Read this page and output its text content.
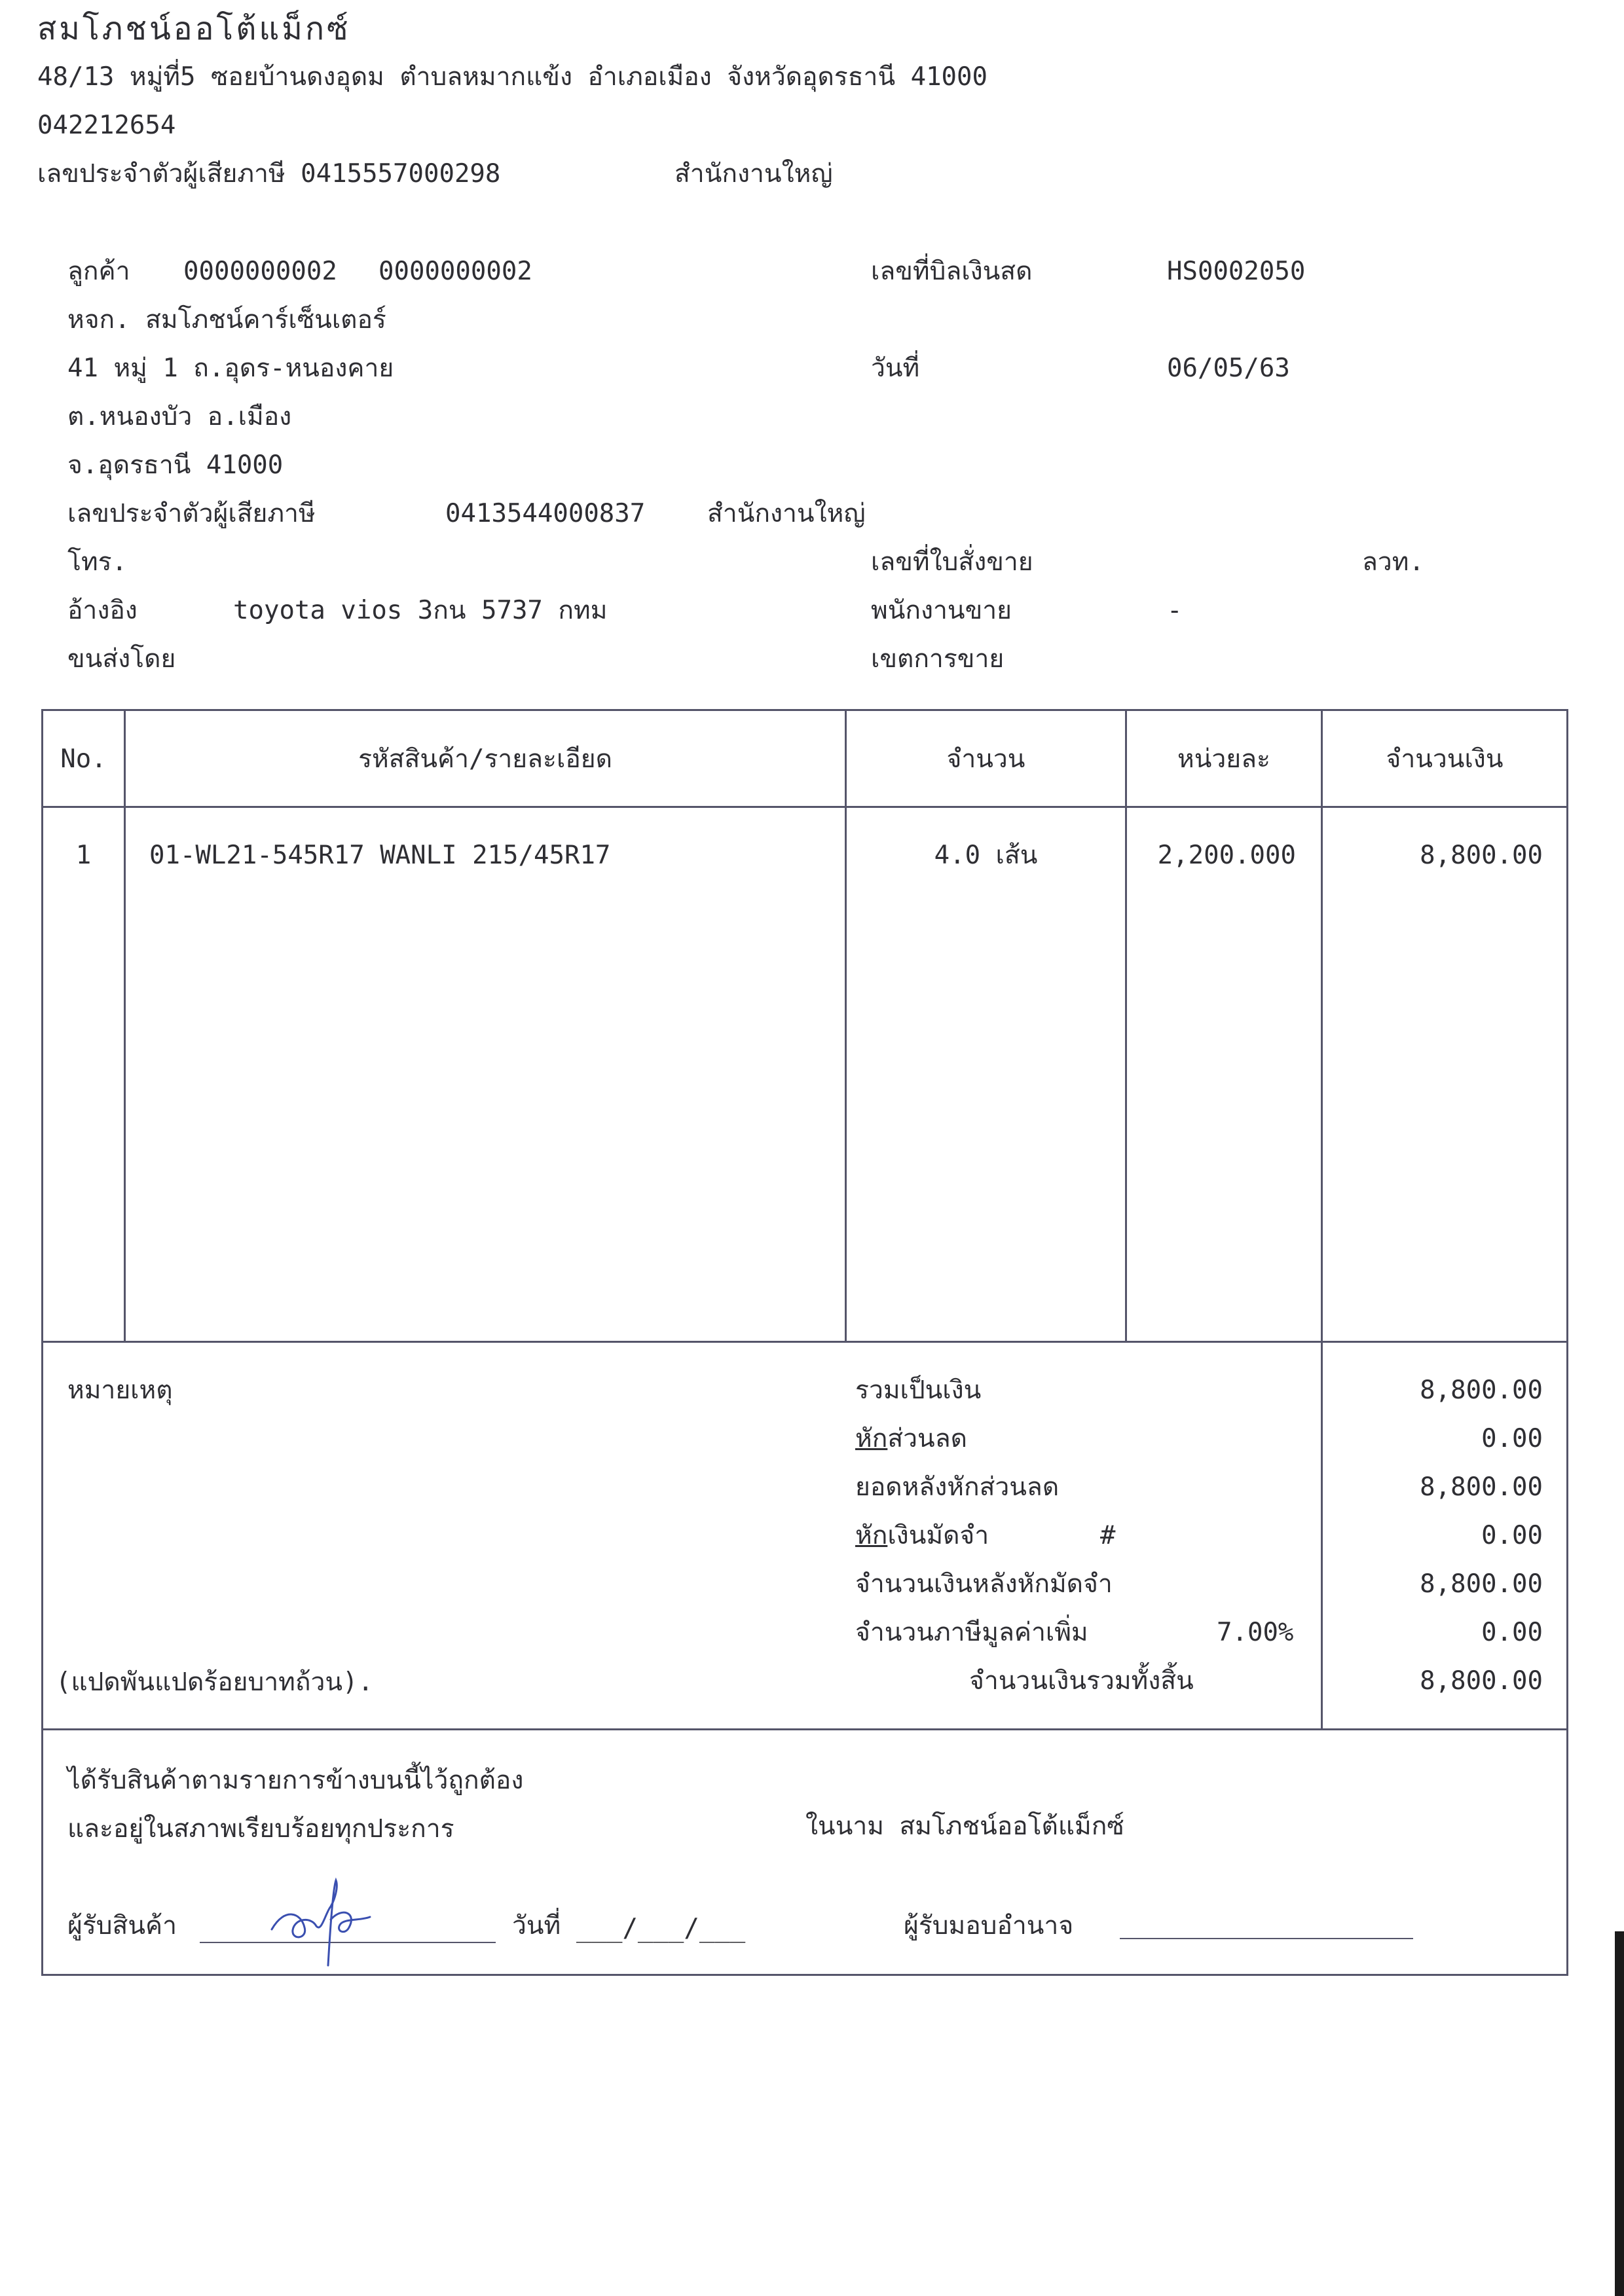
สมโภชน์ออโต้แม็กซ์
48/13 หมู่ที่5 ซอยบ้านดงอุดม ตำบลหมากแข้ง อำเภอเมือง จังหวัดอุดรธานี 41000
042212654
เลขประจำตัวผู้เสียภาษี 0415557000298	สำนักงานใหญ่
ลูกค้า 0000000002 0000000002
หจก. สมโภชน์คาร์เซ็นเตอร์
41 หมู่ 1 ถ.อุดร-หนองคาย
ต.หนองบัว อ.เมือง
จ.อุดรธานี 41000
เลขประจำตัวผู้เสียภาษี	0413544000837 สำนักงานใหญ่
โทร.
อ้างอิง	toyota vios 3กน 5737 กทม
ขนส่งโดย
เลขที่บิลเงินสด	HS0002050
วันที่	06/05/63
เลขที่ใบสั่งขาย	ลวท.
พนักงานขาย	-
เขตการขาย
No.	รหัสสินค้า/รายละเอียด	จำนวน	หน่วยละ	จำนวนเงิน
1	01-WL21-545R17 WANLI 215/45R17	4.0 เส้น	2,200.000	8,800.00
หมายเหตุ	รวมเป็นเงิน	8,800.00
หักส่วนลด	0.00
ยอดหลังหักส่วนลด	8,800.00
หักเงินมัดจำ	#	0.00
จำนวนเงินหลังหักมัดจำ	8,800.00
จำนวนภาษีมูลค่าเพิ่ม	7.00%	0.00
(แปดพันแปดร้อยบาทถ้วน).	จำนวนเงินรวมทั้งสิ้น	8,800.00
ได้รับสินค้าตามรายการข้างบนนี้ไว้ถูกต้อง
และอยู่ในสภาพเรียบร้อยทุกประการ	ในนาม สมโภชน์ออโต้แม็กซ์
ผู้รับสินค้า	วันที่ ___/___/___	ผู้รับมอบอำนาจ
